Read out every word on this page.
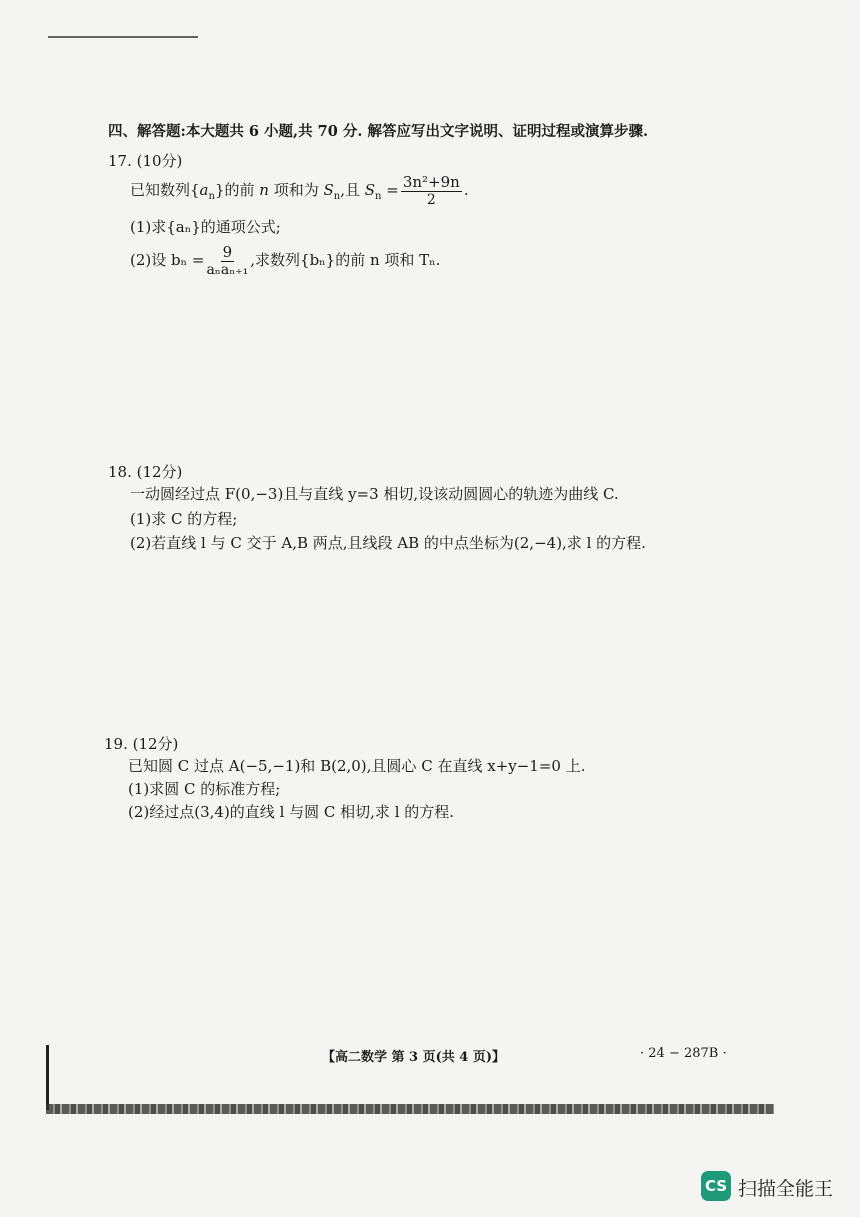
四、解答题:本大题共 6 小题,共 70 分. 解答应写出文字说明、证明过程或演算步骤.
17. (10分)
已知数列$\{a_n\}$的前 n 项和为 $S_n$,且 $S_n = \frac{\text{3n²+9n}}{2}$ .
(1)求{aₙ}的通项公式;
(2)设 $b_n = \frac{9}{\text{aₙaₙ₊₁}}$ ,求数列{bₙ}的前 n 项和 Tₙ.
18. (12分)
一动圆经过点 F(0,−3)且与直线 y=3 相切,设该动圆圆心的轨迹为曲线 C.
(1)求 C 的方程;
(2)若直线 l 与 C 交于 A,B 两点,且线段 AB 的中点坐标为(2,−4),求 l 的方程.
19. (12分)
已知圆 C 过点 A(−5,−1)和 B(2,0),且圆心 C 在直线 x+y−1=0 上.
(1)求圆 C 的标准方程;
(2)经过点(3,4)的直线 l 与圆 C 相切,求 l 的方程.
【高二数学 第 3 页(共 4 页)】	· 24 − 287B ·
CS 扫描全能王
